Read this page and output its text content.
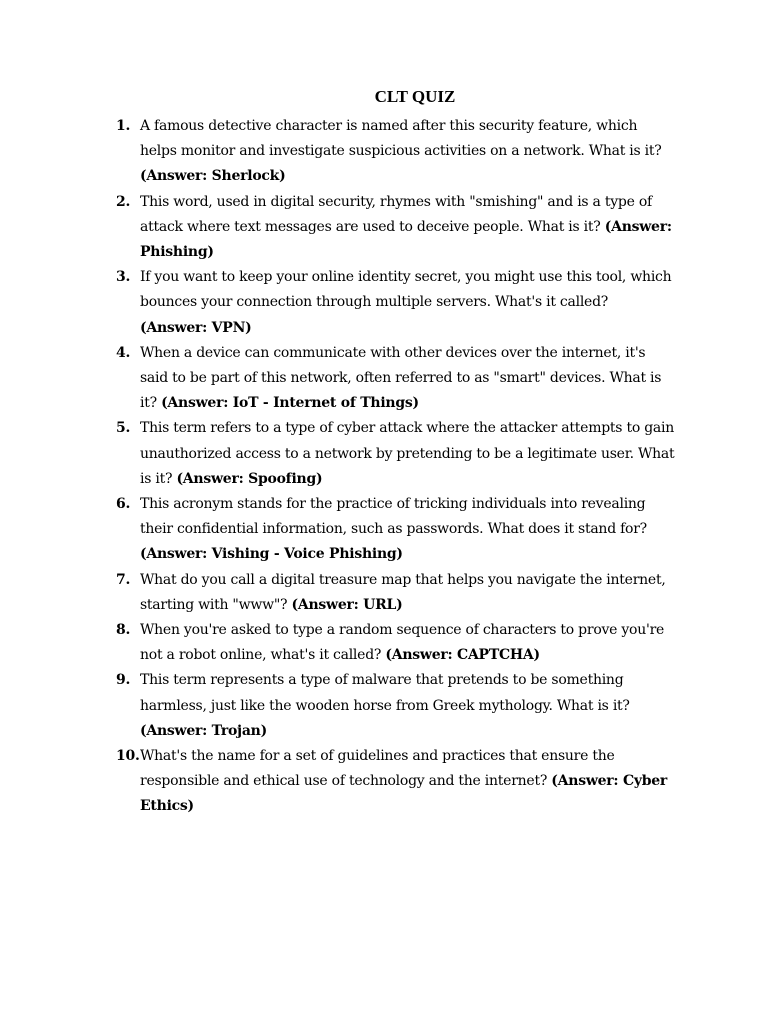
CLT QUIZ
1. A famous detective character is named after this security feature, which helps monitor and investigate suspicious activities on a network. What is it? (Answer: Sherlock)
2. This word, used in digital security, rhymes with "smishing" and is a type of attack where text messages are used to deceive people. What is it? (Answer: Phishing)
3. If you want to keep your online identity secret, you might use this tool, which bounces your connection through multiple servers. What's it called? (Answer: VPN)
4. When a device can communicate with other devices over the internet, it's said to be part of this network, often referred to as "smart" devices. What is it? (Answer: IoT - Internet of Things)
5. This term refers to a type of cyber attack where the attacker attempts to gain unauthorized access to a network by pretending to be a legitimate user. What is it? (Answer: Spoofing)
6. This acronym stands for the practice of tricking individuals into revealing their confidential information, such as passwords. What does it stand for? (Answer: Vishing - Voice Phishing)
7. What do you call a digital treasure map that helps you navigate the internet, starting with "www"? (Answer: URL)
8. When you're asked to type a random sequence of characters to prove you're not a robot online, what's it called? (Answer: CAPTCHA)
9. This term represents a type of malware that pretends to be something harmless, just like the wooden horse from Greek mythology. What is it? (Answer: Trojan)
10. What's the name for a set of guidelines and practices that ensure the responsible and ethical use of technology and the internet? (Answer: Cyber Ethics)
